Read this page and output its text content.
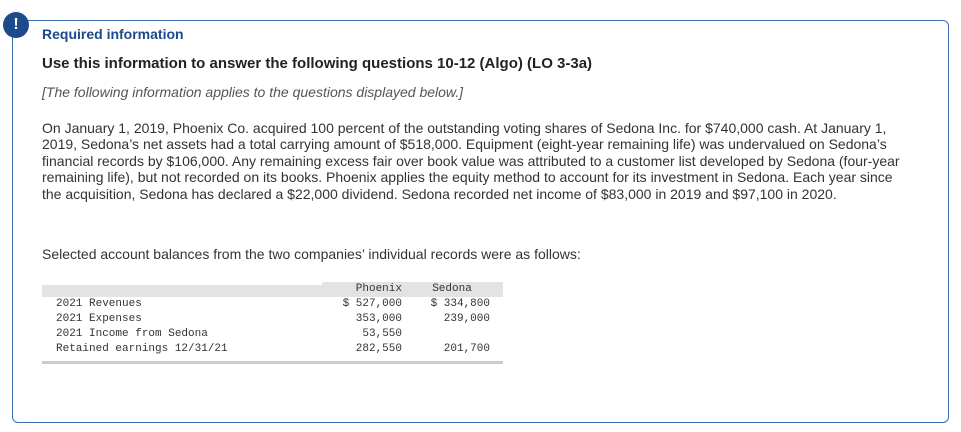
!
Required information
Use this information to answer the following questions 10-12 (Algo) (LO 3-3a)
[The following information applies to the questions displayed below.]

On January 1, 2019, Phoenix Co. acquired 100 percent of the outstanding voting shares of Sedona Inc. for $740,000 cash. At January 1, 2019, Sedona’s net assets had a total carrying amount of $518,000. Equipment (eight-year remaining life) was undervalued on Sedona’s financial records by $106,000. Any remaining excess fair over book value was attributed to a customer list developed by Sedona (four-year remaining life), but not recorded on its books. Phoenix applies the equity method to account for its investment in Sedona. Each year since the acquisition, Sedona has declared a $22,000 dividend. Sedona recorded net income of $83,000 in 2019 and $97,100 in 2020.

Selected account balances from the two companies’ individual records were as follows:
Phoenix	Sedona
2021 Revenues	$ 527,000	$ 334,800
2021 Expenses	353,000	239,000
2021 Income from Sedona	53,550
Retained earnings 12/31/21	282,550	201,700
